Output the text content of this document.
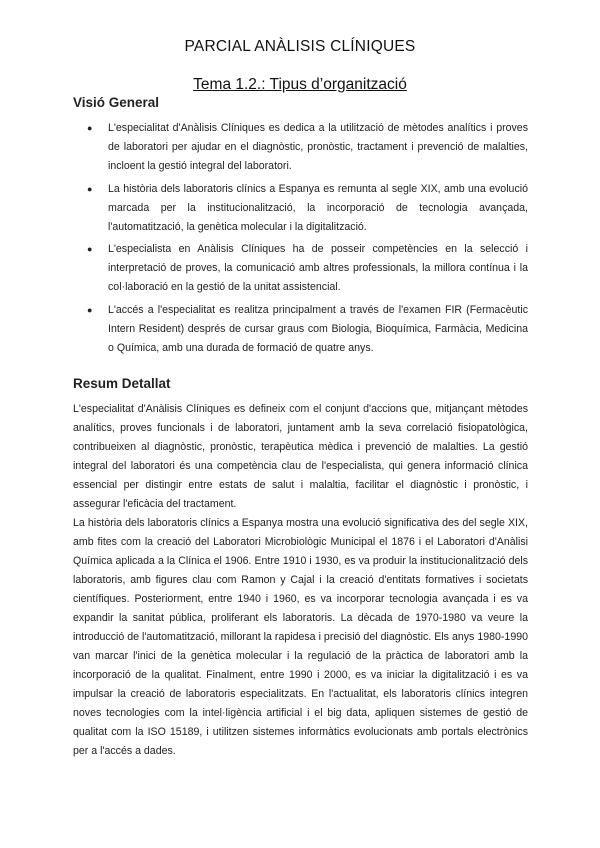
PARCIAL ANÀLISIS CLÍNIQUES
Tema 1.2.: Tipus d’organització
Visió General
● L'especialitat d'Anàlisis Clíniques es dedica a la utilització de mètodes analítics i proves de laboratori per ajudar en el diagnòstic, pronòstic, tractament i prevenció de malalties, incloent la gestió integral del laboratori.
● La història dels laboratoris clínics a Espanya es remunta al segle XIX, amb una evolució marcada per la institucionalització, la incorporació de tecnologia avançada, l'automatització, la genètica molecular i la digitalització.
● L'especialista en Anàlisis Clíniques ha de posseir competències en la selecció i interpretació de proves, la comunicació amb altres professionals, la millora contínua i la col·laboració en la gestió de la unitat assistencial.
● L'accés a l'especialitat es realitza principalment a través de l'examen FIR (Fermacèutic Intern Resident) després de cursar graus com Biologia, Bioquímica, Farmàcia, Medicina o Química, amb una durada de formació de quatre anys.
Resum Detallat

L'especialitat d'Anàlisis Clíniques es defineix com el conjunt d'accions que, mitjançant mètodes analítics, proves funcionals i de laboratori, juntament amb la seva correlació fisiopatològica, contribueixen al diagnòstic, pronòstic, terapèutica mèdica i prevenció de malalties. La gestió integral del laboratori és una competència clau de l'especialista, qui genera informació clínica essencial per distingir entre estats de salut i malaltia, facilitar el diagnòstic i pronòstic, i assegurar l'eficàcia del tractament.

La història dels laboratoris clínics a Espanya mostra una evolució significativa des del segle XIX, amb fites com la creació del Laboratori Microbiològic Municipal el 1876 i el Laboratori d'Anàlisi Química aplicada a la Clínica el 1906. Entre 1910 i 1930, es va produir la institucionalització dels laboratoris, amb figures clau com Ramon y Cajal i la creació d'entitats formatives i societats científiques. Posteriorment, entre 1940 i 1960, es va incorporar tecnologia avançada i es va expandir la sanitat pública, proliferant els laboratoris. La dècada de 1970-1980 va veure la introducció de l'automatització, millorant la rapidesa i precisió del diagnòstic. Els anys 1980-1990 van marcar l'inici de la genètica molecular i la regulació de la pràctica de laboratori amb la incorporació de la qualitat. Finalment, entre 1990 i 2000, es va iniciar la digitalització i es va impulsar la creació de laboratoris especialitzats. En l'actualitat, els laboratoris clínics integren noves tecnologies com la intel·ligència artificial i el big data, apliquen sistemes de gestió de qualitat com la ISO 15189, i utilitzen sistemes informàtics evolucionats amb portals electrònics per a l'accés a dades.
